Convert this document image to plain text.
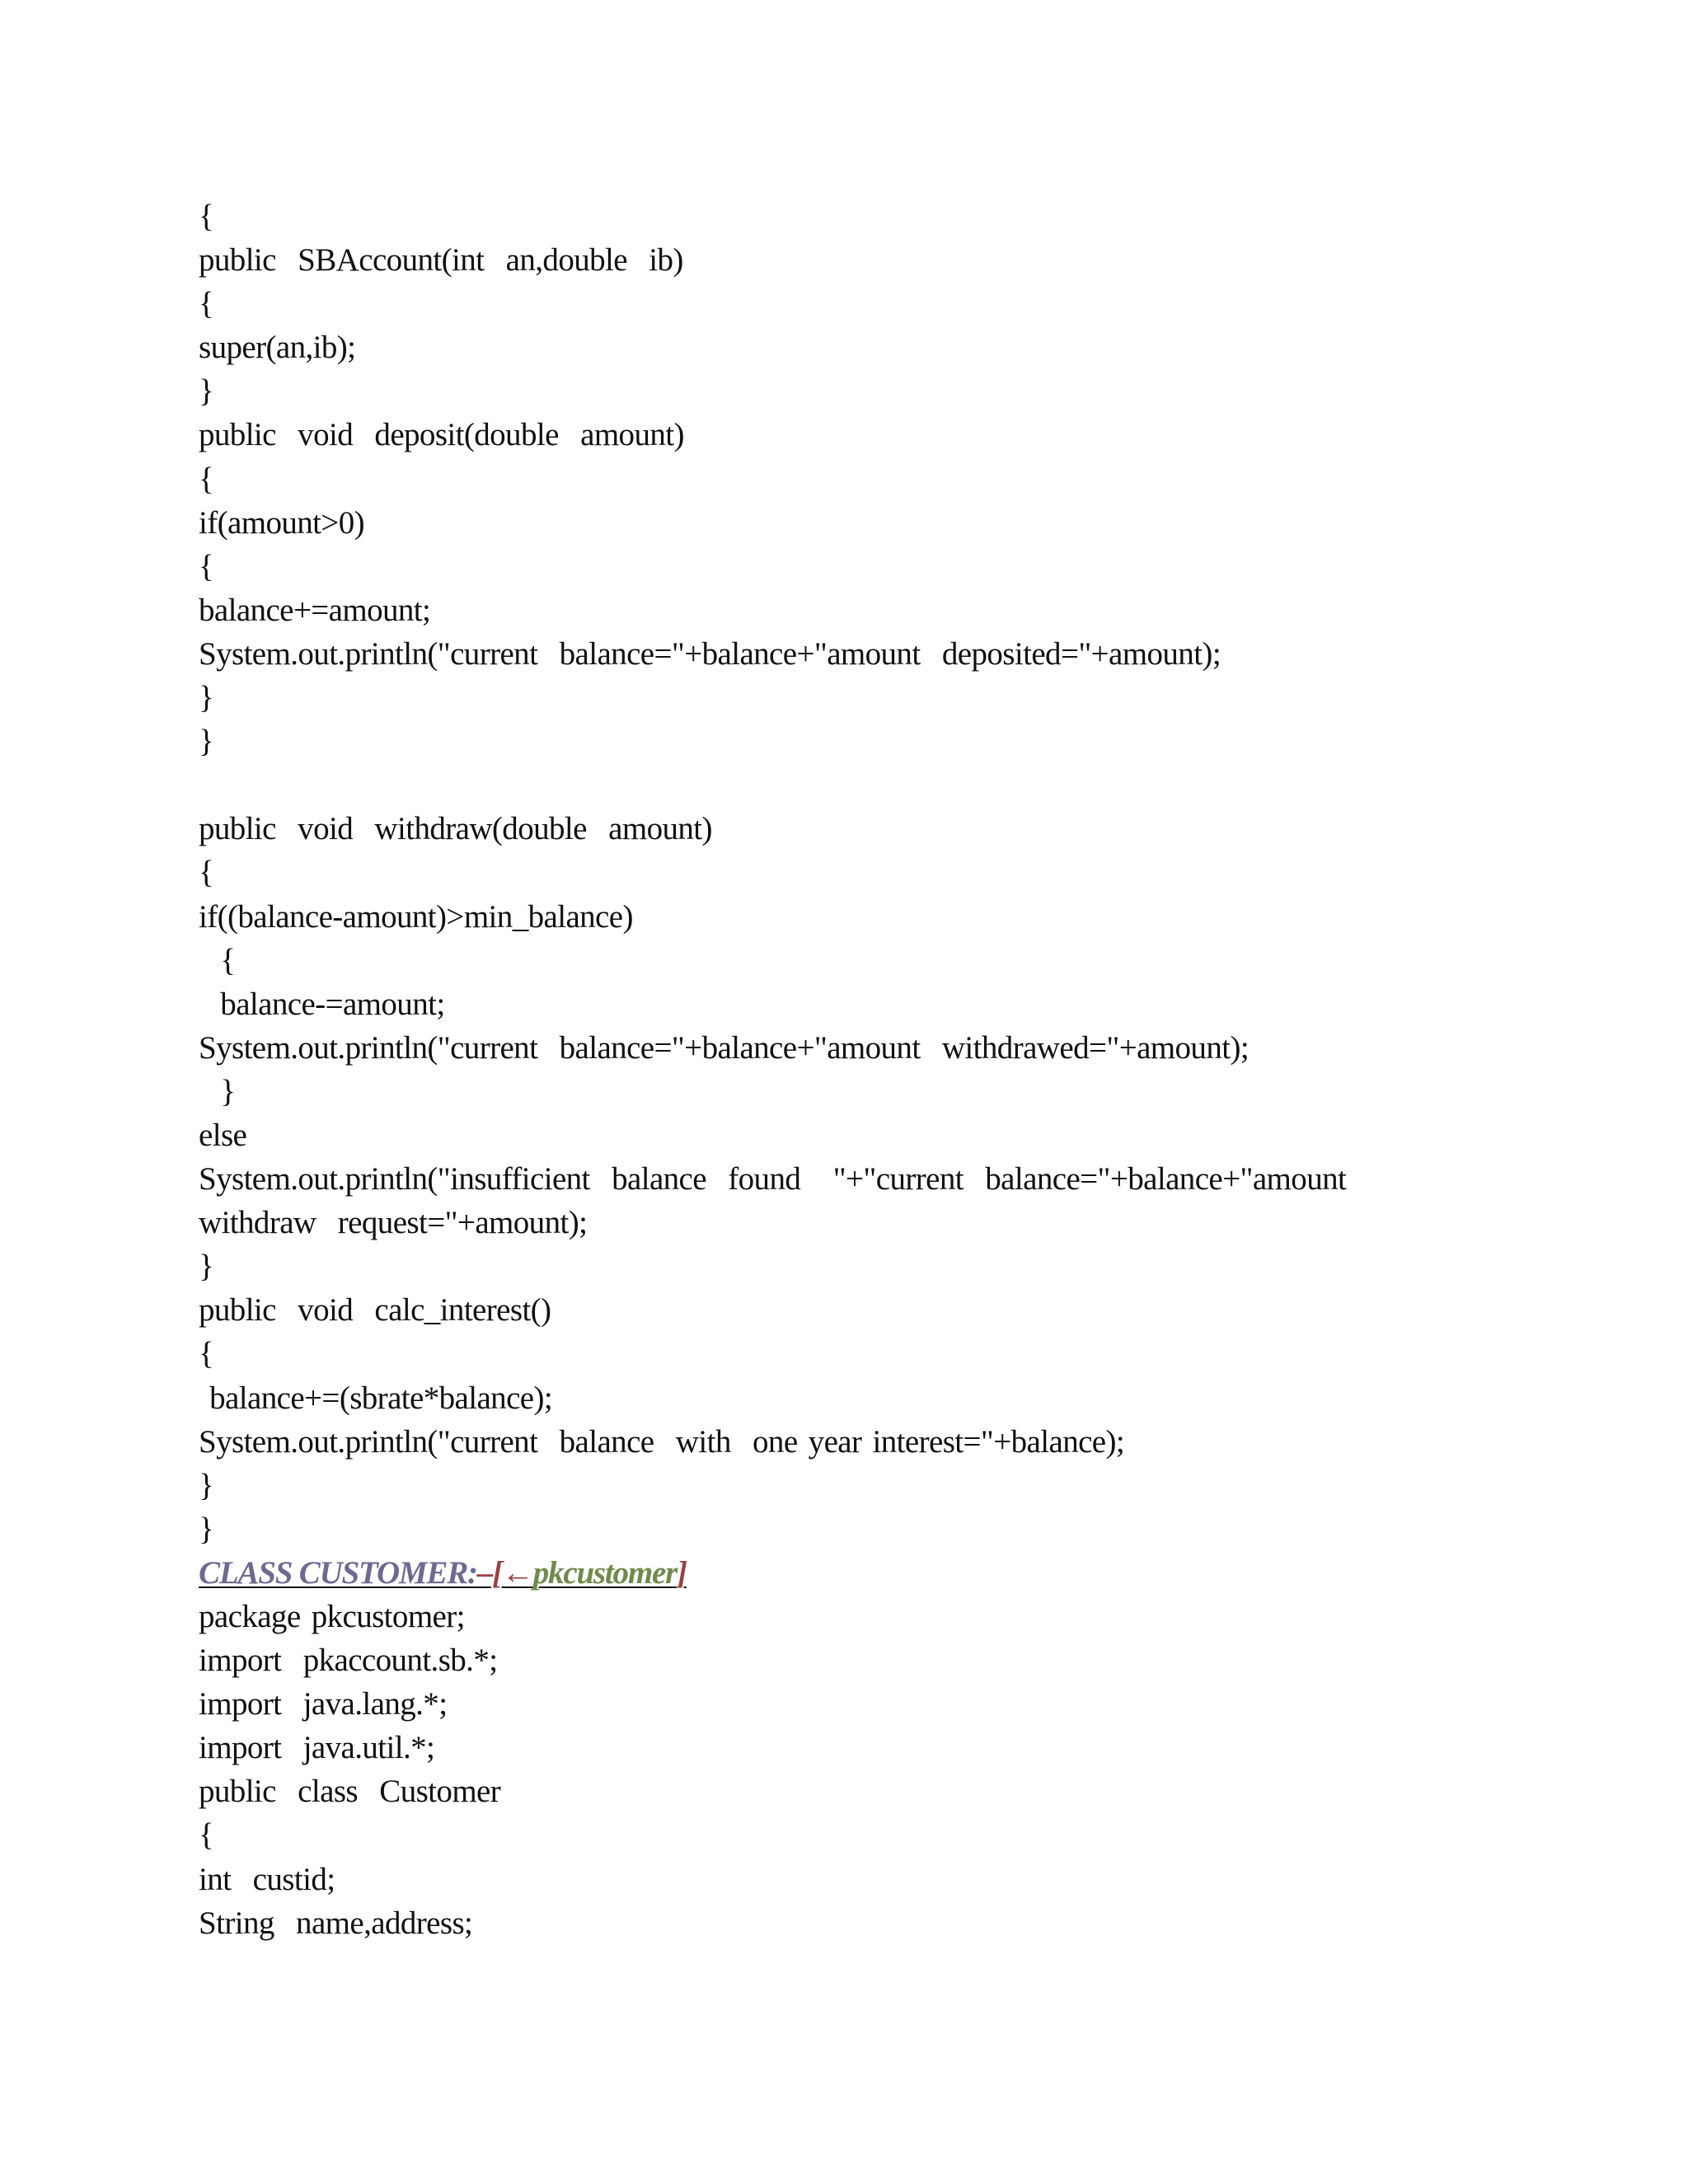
{
public  SBAccount(int  an,double  ib)
{
super(an,ib);
}
public  void  deposit(double  amount)
{
if(amount>0)
{
balance+=amount;
System.out.println("current  balance="+balance+"amount  deposited="+amount);
}
}
public  void  withdraw(double  amount)
{
if((balance-amount)>min_balance)
{
balance-=amount;
System.out.println("current  balance="+balance+"amount  withdrawed="+amount);
}
else
System.out.println("insufficient  balance  found   "+"current  balance="+balance+"amount
withdraw  request="+amount);
}
public  void  calc_interest()
{
balance+=(sbrate*balance);
System.out.println("current  balance  with  one year interest="+balance);
}
}
CLASS CUSTOMER:–[←pkcustomer]
package pkcustomer;
import  pkaccount.sb.*;
import  java.lang.*;
import  java.util.*;
public  class  Customer
{
int  custid;
String  name,address;
